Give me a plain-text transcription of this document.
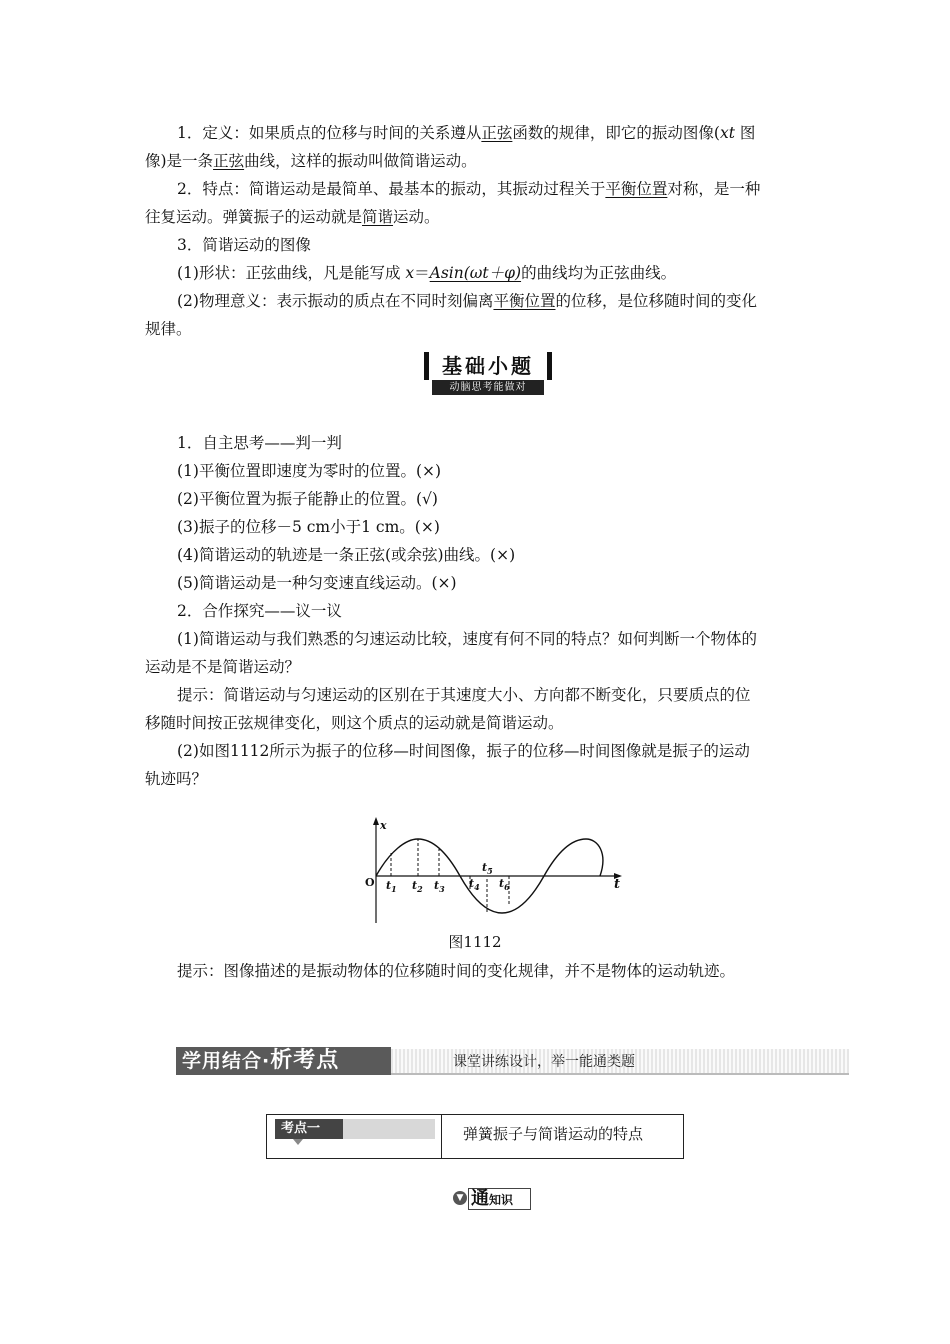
1．定义：如果质点的位移与时间的关系遵从正弦函数的规律，即它的振动图像(xt 图
像)是一条正弦曲线，这样的振动叫做简谐运动。
2．特点：简谐运动是最简单、最基本的振动，其振动过程关于平衡位置对称，是一种
往复运动。弹簧振子的运动就是简谐运动。
3．简谐运动的图像
(1)形状：正弦曲线，凡是能写成 x＝Asin(ωt＋φ)的曲线均为正弦曲线。
(2)物理意义：表示振动的质点在不同时刻偏离平衡位置的位移，是位移随时间的变化
规律。
基础小题
动脑思考能做对
1．自主思考——判一判
(1)平衡位置即速度为零时的位置。(×)
(2)平衡位置为振子能静止的位置。(√)
(3)振子的位移－5 cm小于1 cm。(×)
(4)简谐运动的轨迹是一条正弦(或余弦)曲线。(×)
(5)简谐运动是一种匀变速直线运动。(×)
2．合作探究——议一议
(1)简谐运动与我们熟悉的匀速运动比较，速度有何不同的特点？如何判断一个物体的
运动是不是简谐运动？
提示：简谐运动与匀速运动的区别在于其速度大小、方向都不断变化，只要质点的位
移随时间按正弦规律变化，则这个质点的运动就是简谐运动。
(2)如图1112所示为振子的位移—时间图像，振子的位移—时间图像就是振子的运动
轨迹吗？
x
t
O $t_1$ $t_2$ $t_3$ $t_4$
$t_5$
$t_6$
图1112
提示：图像描述的是振动物体的位移随时间的变化规律，并不是物体的运动轨迹。
学用结合·析考点	课堂讲练设计，举一能通类题
考点一	弹簧振子与简谐运动的特点
▼ 通知识
